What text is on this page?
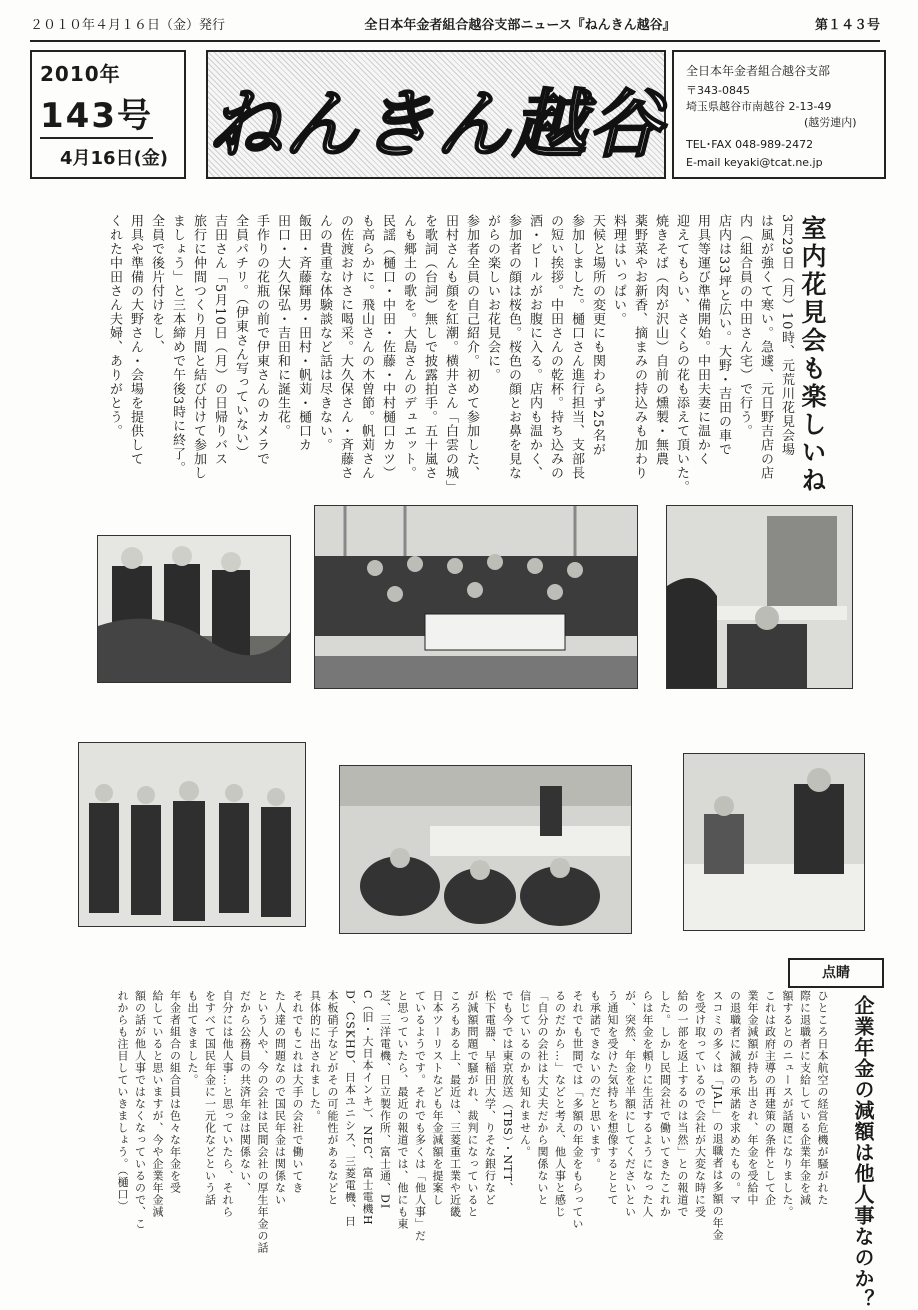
２０１０年４月１６日（金）発行	全日本年金者組合越谷支部ニュース『ねんきん越谷』	第１４３号
2010年
143号
4月16日(金) ねんきん越谷
全日本年金者組合越谷支部
〒343-0845
埼玉県越谷市南越谷 2-13-49
(越労連内)
TEL･FAX 048-989-2472
E-mail keyaki@tcat.ne.jp
室内花見会も楽しいね
3月29日（月）10時、元荒川花見会場
は風が強くて寒い。急遽、元日野吉店の店
内（組合員の中田さん宅）で行う。
店内は33坪と広い。大野・吉田の車で
用具等運び準備開始。中田夫妻に温かく
迎えてもらい、さくらの花も添えて頂いた。
焼きそば（肉が沢山）自前の燻製・無農
薬野菜やお新香、摘まみの持込みも加わり
料理はいっぱい。
天候と場所の変更にも関わらず25名が
参加しました。樋口さん進行担当、支部長
の短い挨拶。中田さんの乾杯。持ち込みの
酒・ビールがお腹に入る。店内も温かく、
参加者の顔は桜色。桜色の顔とお鼻を見な
がらの楽しいお花見会に。
参加者全員の自己紹介。初めて参加した、
田村さんも顔を紅潮。横井さん「白雲の城」
を歌詞（台詞）無しで披露拍手。五十嵐さ
んも郷土の歌を。大島さんのデュエット。
民謡（樋口・中田・佐藤・中村樋口カツ）
も高らかに。飛山さんの木曽節。帆苅さん
の佐渡おけさに喝采。大久保さん・斉藤さ
んの貴重な体験談など話は尽きない。
飯田・斉藤輝男・田村・帆苅・樋口カ
田口・大久保弘・吉田和に誕生花。
手作りの花瓶の前で伊東さんのカメラで
全員パチリ。（伊東さん写っていない）
吉田さん「5月10日（月）の日帰りバス
旅行に仲間つくり月間と結び付けて参加し
ましょう」と三本締めで午後3時に終了。
全員で後片付けをし、
用具や準備の大野さん・会場を提供して
くれた中田さん夫婦、ありがとう。
点睛
企業年金の減額は他人事なのか？
ひところ日本航空の経営危機が騒がれた
際に退職者に支給している企業年金を減
額するとのニュースが話題になりました。
これは政府主導の再建策の条件として企
業年金減額が持ち出され、年金を受給中
の退職者に減額の承諾を求めたもの。マ
スコミの多くは「JAL」の退職者は多額の年金
を受け取っているので会社が大変な時に受
給の一部を返上するのは当然」との報道で
した。しかし民間会社で働いてきたこれか
らは年金を頼りに生活するようになった人
が、突然、年金を半額にしてくださいとい
う通知を受けた気持ちを想像するととて
も承諾できないのだと思います。
それでも世間では「多額の年金をもらってい
るのだから…」などと考え、他人事と感じ
「自分の会社は大丈夫だから関係ないと
信じているのかも知れません。
でも今では東京放送（TBS）・NTT、
松下電器、早稲田大学、りそな銀行など
が減額問題で騒がれ、裁判になっていると
ころもある上、最近は、三菱重工業や近畿
日本ツーリストなども年金減額を提案し
ているようです。それでも多くは「他人事」だ
と思っていたら、最近の報道では、他にも東
芝、三洋電機、日立製作所、富士通、DI
C（旧・大日本インキ）、NEC、富士電機H
D、CSKHD、日本ユニシス、三菱電機、日
本板硝子などがその可能性があるなどと
具体的に出されました。
それでもこれは大手の会社で働いてき
た人達の問題なので国民年金は関係ない
という人や、今の会社は民間会社の厚生年金の話
だから公務員の共済年金は関係ない、
自分には他人事…と思っていたら、それら
をすべて国民年金に一元化などという話
も出てきました。
年金者組合の組合員は色々な年金を受
給していると思いますが、今や企業年金減
額の話が他人事ではなくなっているので、こ
れからも注目していきましょう。（樋口）
